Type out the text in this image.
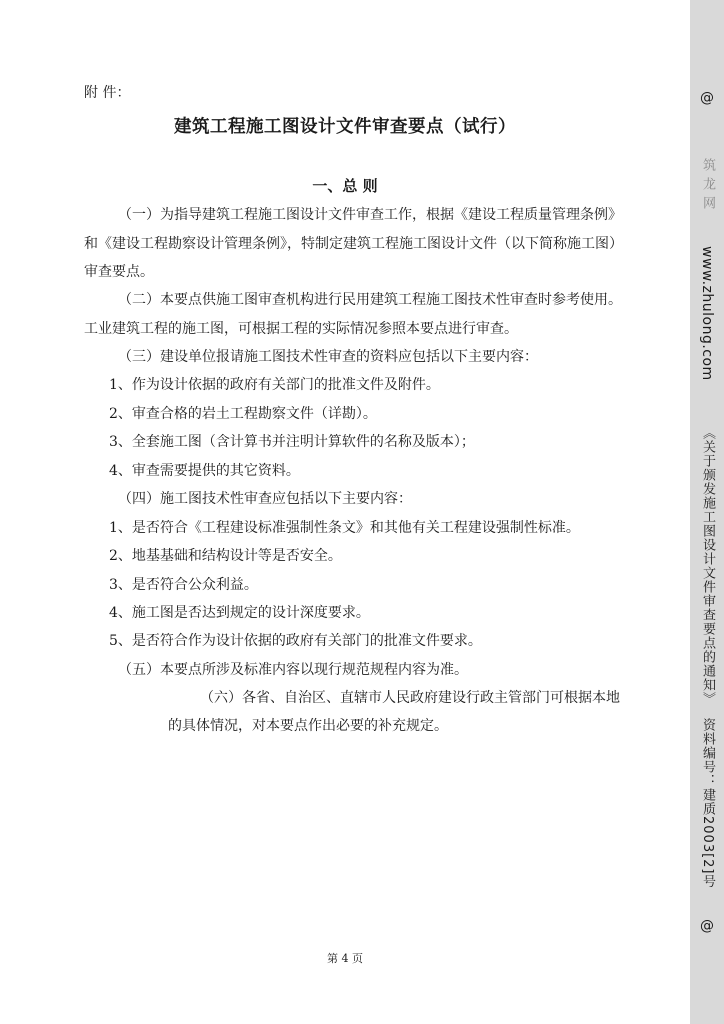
附 件：
建筑工程施工图设计文件审查要点（试行）
一、总 则
（一）为指导建筑工程施工图设计文件审查工作，根据《建设工程质量管理条例》
和《建设工程勘察设计管理条例》，特制定建筑工程施工图设计文件（以下简称施工图）
审查要点。
（二）本要点供施工图审查机构进行民用建筑工程施工图技术性审查时参考使用。
工业建筑工程的施工图，可根据工程的实际情况参照本要点进行审查。
（三）建设单位报请施工图技术性审查的资料应包括以下主要内容：
1、作为设计依据的政府有关部门的批准文件及附件。
2、审查合格的岩土工程勘察文件（详勘）。
3、全套施工图（含计算书并注明计算软件的名称及版本）；
4、审查需要提供的其它资料。
（四）施工图技术性审查应包括以下主要内容：
1、是否符合《工程建设标准强制性条文》和其他有关工程建设强制性标准。
2、地基基础和结构设计等是否安全。
3、是否符合公众利益。
4、施工图是否达到规定的设计深度要求。
5、是否符合作为设计依据的政府有关部门的批准文件要求。
（五）本要点所涉及标准内容以现行规范规程内容为准。
（六）各省、自治区、直辖市人民政府建设行政主管部门可根据本地
的具体情况，对本要点作出必要的补充规定。
第 4 页
@
筑 龙 网
www.zhulong.com
《关于颁发施工图设计文件审查要点的通知》
资料编号：建质2003[2]号
@
